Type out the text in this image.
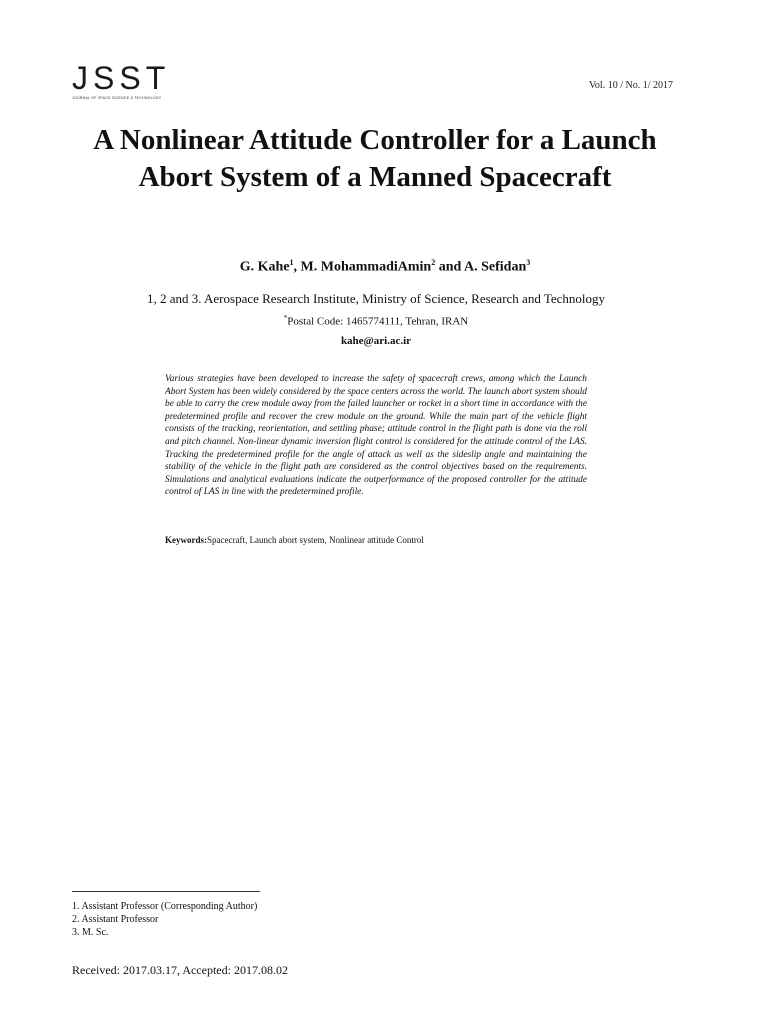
JSST
JOURNAL OF SPACE SCIENCE & TECHNOLOGY
Vol. 10 / No. 1/ 2017
A Nonlinear Attitude Controller for a Launch Abort System of a Manned Spacecraft
G. Kahe$^1$, M. MohammadiAmin$^2$ and A. Sefidan$^3$
1, 2 and 3. Aerospace Research Institute, Ministry of Science, Research and Technology
*Postal Code: 1465774111, Tehran, IRAN
kahe@ari.ac.ir

Various strategies have been developed to increase the safety of spacecraft crews, among which the Launch Abort System has been widely considered by the space centers across the world. The launch abort system should be able to carry the crew module away from the failed launcher or rocket in a short time in accordance with the predetermined profile and recover the crew module on the ground. While the main part of the vehicle flight consists of the tracking, reorientation, and settling phase; attitude control in the flight path is done via the roll and pitch channel. Non-linear dynamic inversion flight control is considered for the attitude control of the LAS. Tracking the predetermined profile for the angle of attack as well as the sideslip angle and maintaining the stability of the vehicle in the flight path are considered as the control objectives based on the requirements. Simulations and analytical evaluations indicate the outperformance of the proposed controller for the attitude control of LAS in line with the predetermined profile.

Keywords:Spacecraft, Launch abort system, Nonlinear attitude Control
1. Assistant Professor (Corresponding Author)
2. Assistant Professor
3. M. Sc.
Received: 2017.03.17, Accepted: 2017.08.02
